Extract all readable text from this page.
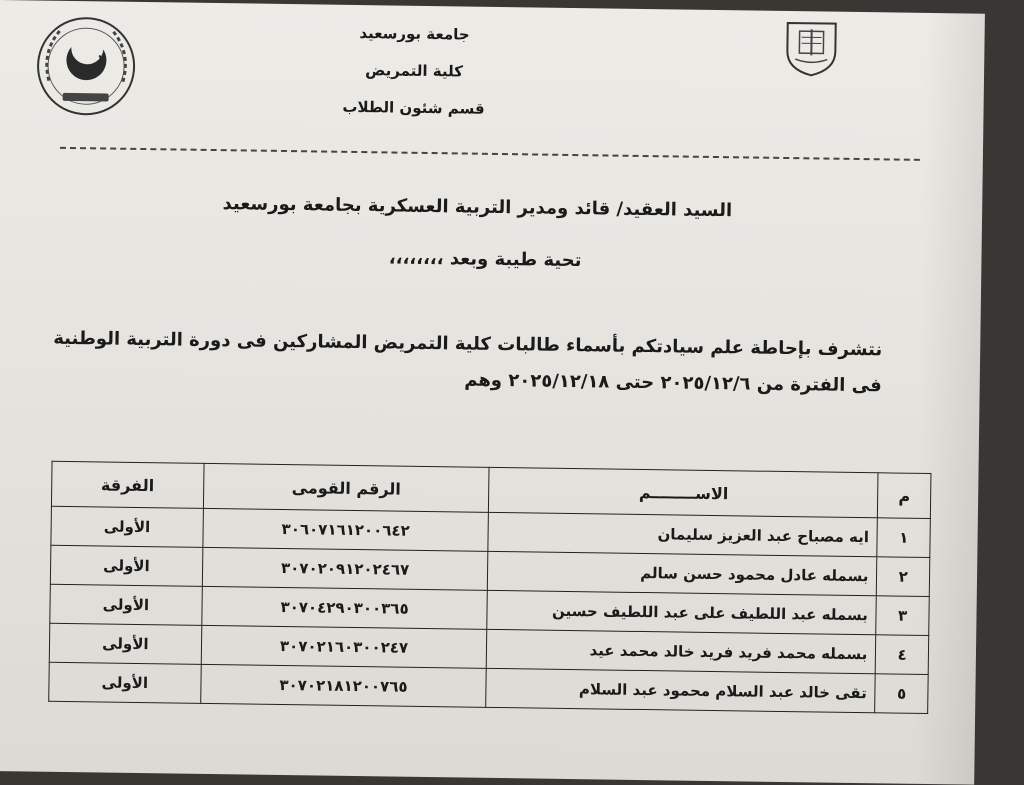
جامعة بورسعيد
كلية التمريض
قسم شئون الطلاب
السيد العقيد/ قائد ومدير التربية العسكرية بجامعة بورسعيد
تحية طيبة وبعد ،،،،،،،،
نتشرف بإحاطة علم سيادتكم بأسماء طالبات كلية التمريض المشاركين فى دورة التربية الوطنية فى الفترة من ٢٠٢٥/١٢/٦ حتى ٢٠٢٥/١٢/١٨ وهم
م	الاســــــــم	الرقم القومى	الفرقة
١	ايه مصباح عبد العزيز سليمان	٣٠٦٠٧١٦١٢٠٠٦٤٢	الأولى
٢	بسمله عادل محمود حسن سالم	٣٠٧٠٢٠٩١٢٠٢٤٦٧	الأولى
٣	بسمله عبد اللطيف على عبد اللطيف حسين	٣٠٧٠٤٢٩٠٣٠٠٣٦٥	الأولى
٤	بسمله محمد فريد فريد خالد محمد عيد	٣٠٧٠٢١٦٠٣٠٠٢٤٧	الأولى
٥	تقى خالد عبد السلام محمود عبد السلام	٣٠٧٠٢١٨١٢٠٠٧٦٥	الأولى
